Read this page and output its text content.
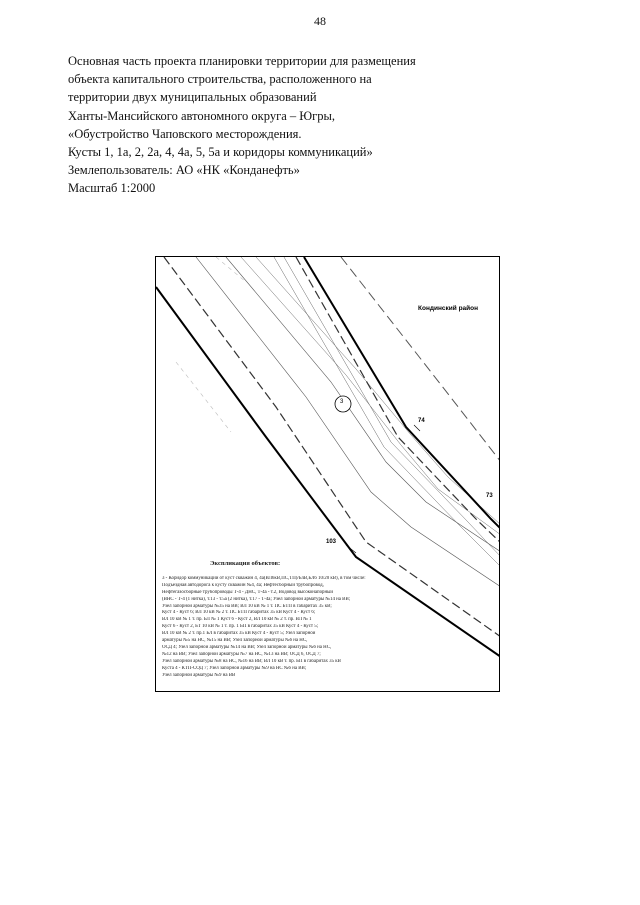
48
Основная часть проекта планировки территории для размещения
объекта капитального строительства, расположенного на
территории двух муниципальных образований
Ханты-Мансийского автономного округа – Югры,
«Обустройство Чаповского месторождения.
Кусты 1, 1а, 2, 2а, 4, 4а, 5, 5а и коридоры коммуникаций»
Землепользователь: АО «НК «Конданефть»
Масштаб 1:2000
Кондинский район
3
74
73
103
Экспликация объектов:
3 - Коридор коммуникаций от куст скважин 4, 4а(ВЛ6кВ,ПС,ТП)/БлВ,БЛ6 10/20 кВ), в том числе:
Подъездная автодорога к кусту скважин №4, 4а; Нефтесборный трубопровод,
Нефтегазосборные трубопроводы Т-4 - ДНС, Т-4а - т.2, Водовод высоконапорный
(ВНС - Т-4 (1 нитка), т.13 - т.5а (2 нитка), т.17 - Т-4а; Узел запорной арматуры №14 на ВВ;
Узел запорной арматуры №35 на ВВ; ВЛ 10 кВ № 1 т. ПС БТП в габаритах 35 кВ;
Куст 4 - Куст 6; ВЛ 10 кВ № 2 т. ПС БТП габаритах 35 кВ Куст 4 - Куст 6;
ВЛ 10 кВ № 1 т. пр. БЛ № 1 Куст 6 - Куст 2, ВЛ 10 кВ № 2 т. пр. ВЛ № 1
Куст 6 - Куст 2, БТ 10 кВ № 1 т. пр. 1 БП в габаритах 35 кВ Куст 4 - Куст 5;
ВЛ 10 кВ № 2 т. пр.1 БЛ в габаритах 35 кВ Куст 4 - Куст 5; Узел запорной
арматуры №5 на НС, №15 на ВВ; Узел запорной арматуры №6 на НС,
ОСД 4; Узел запорной арматуры №14 на ВВ; Узел запорной арматуры №6 на НС,
№12 на ВВ; Узел запорной арматуры №7 на НС, №13 на ВВ; ОСД 6, ОСД 7;
Узел запорной арматуры №8 на НС, №16 на ВВ; ВЛ 10 кВ т. пр. БП в габаритах 35 кВ
Куста 4 - КТП-СОД 7; Узел запорной арматуры №9 на НС №6 на ВВ;
Узел запорной арматуры №9 на ВВ
